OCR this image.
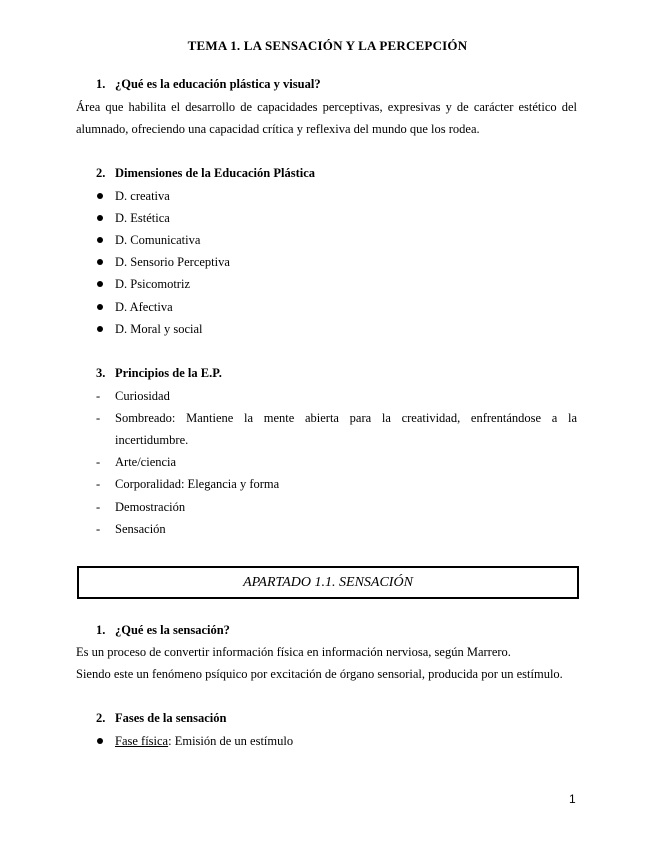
TEMA 1. LA SENSACIÓN Y LA PERCEPCIÓN
1. ¿Qué es la educación plástica y visual?
Área que habilita el desarrollo de capacidades perceptivas, expresivas y de carácter estético del alumnado, ofreciendo una capacidad crítica y reflexiva del mundo que los rodea.
2. Dimensiones de la Educación Plástica
D. creativa
D. Estética
D. Comunicativa
D. Sensorio Perceptiva
D. Psicomotriz
D. Afectiva
D. Moral y social
3. Principios de la E.P.
- Curiosidad
- Sombreado: Mantiene la mente abierta para la creatividad, enfrentándose a la incertidumbre.
- Arte/ciencia
- Corporalidad: Elegancia y forma
- Demostración
- Sensación
APARTADO 1.1. SENSACIÓN
1. ¿Qué es la sensación?
Es un proceso de convertir información física en información nerviosa, según Marrero.
Siendo este un fenómeno psíquico por excitación de órgano sensorial, producida por un estímulo.
2. Fases de la sensación
Fase física: Emisión de un estímulo
1
